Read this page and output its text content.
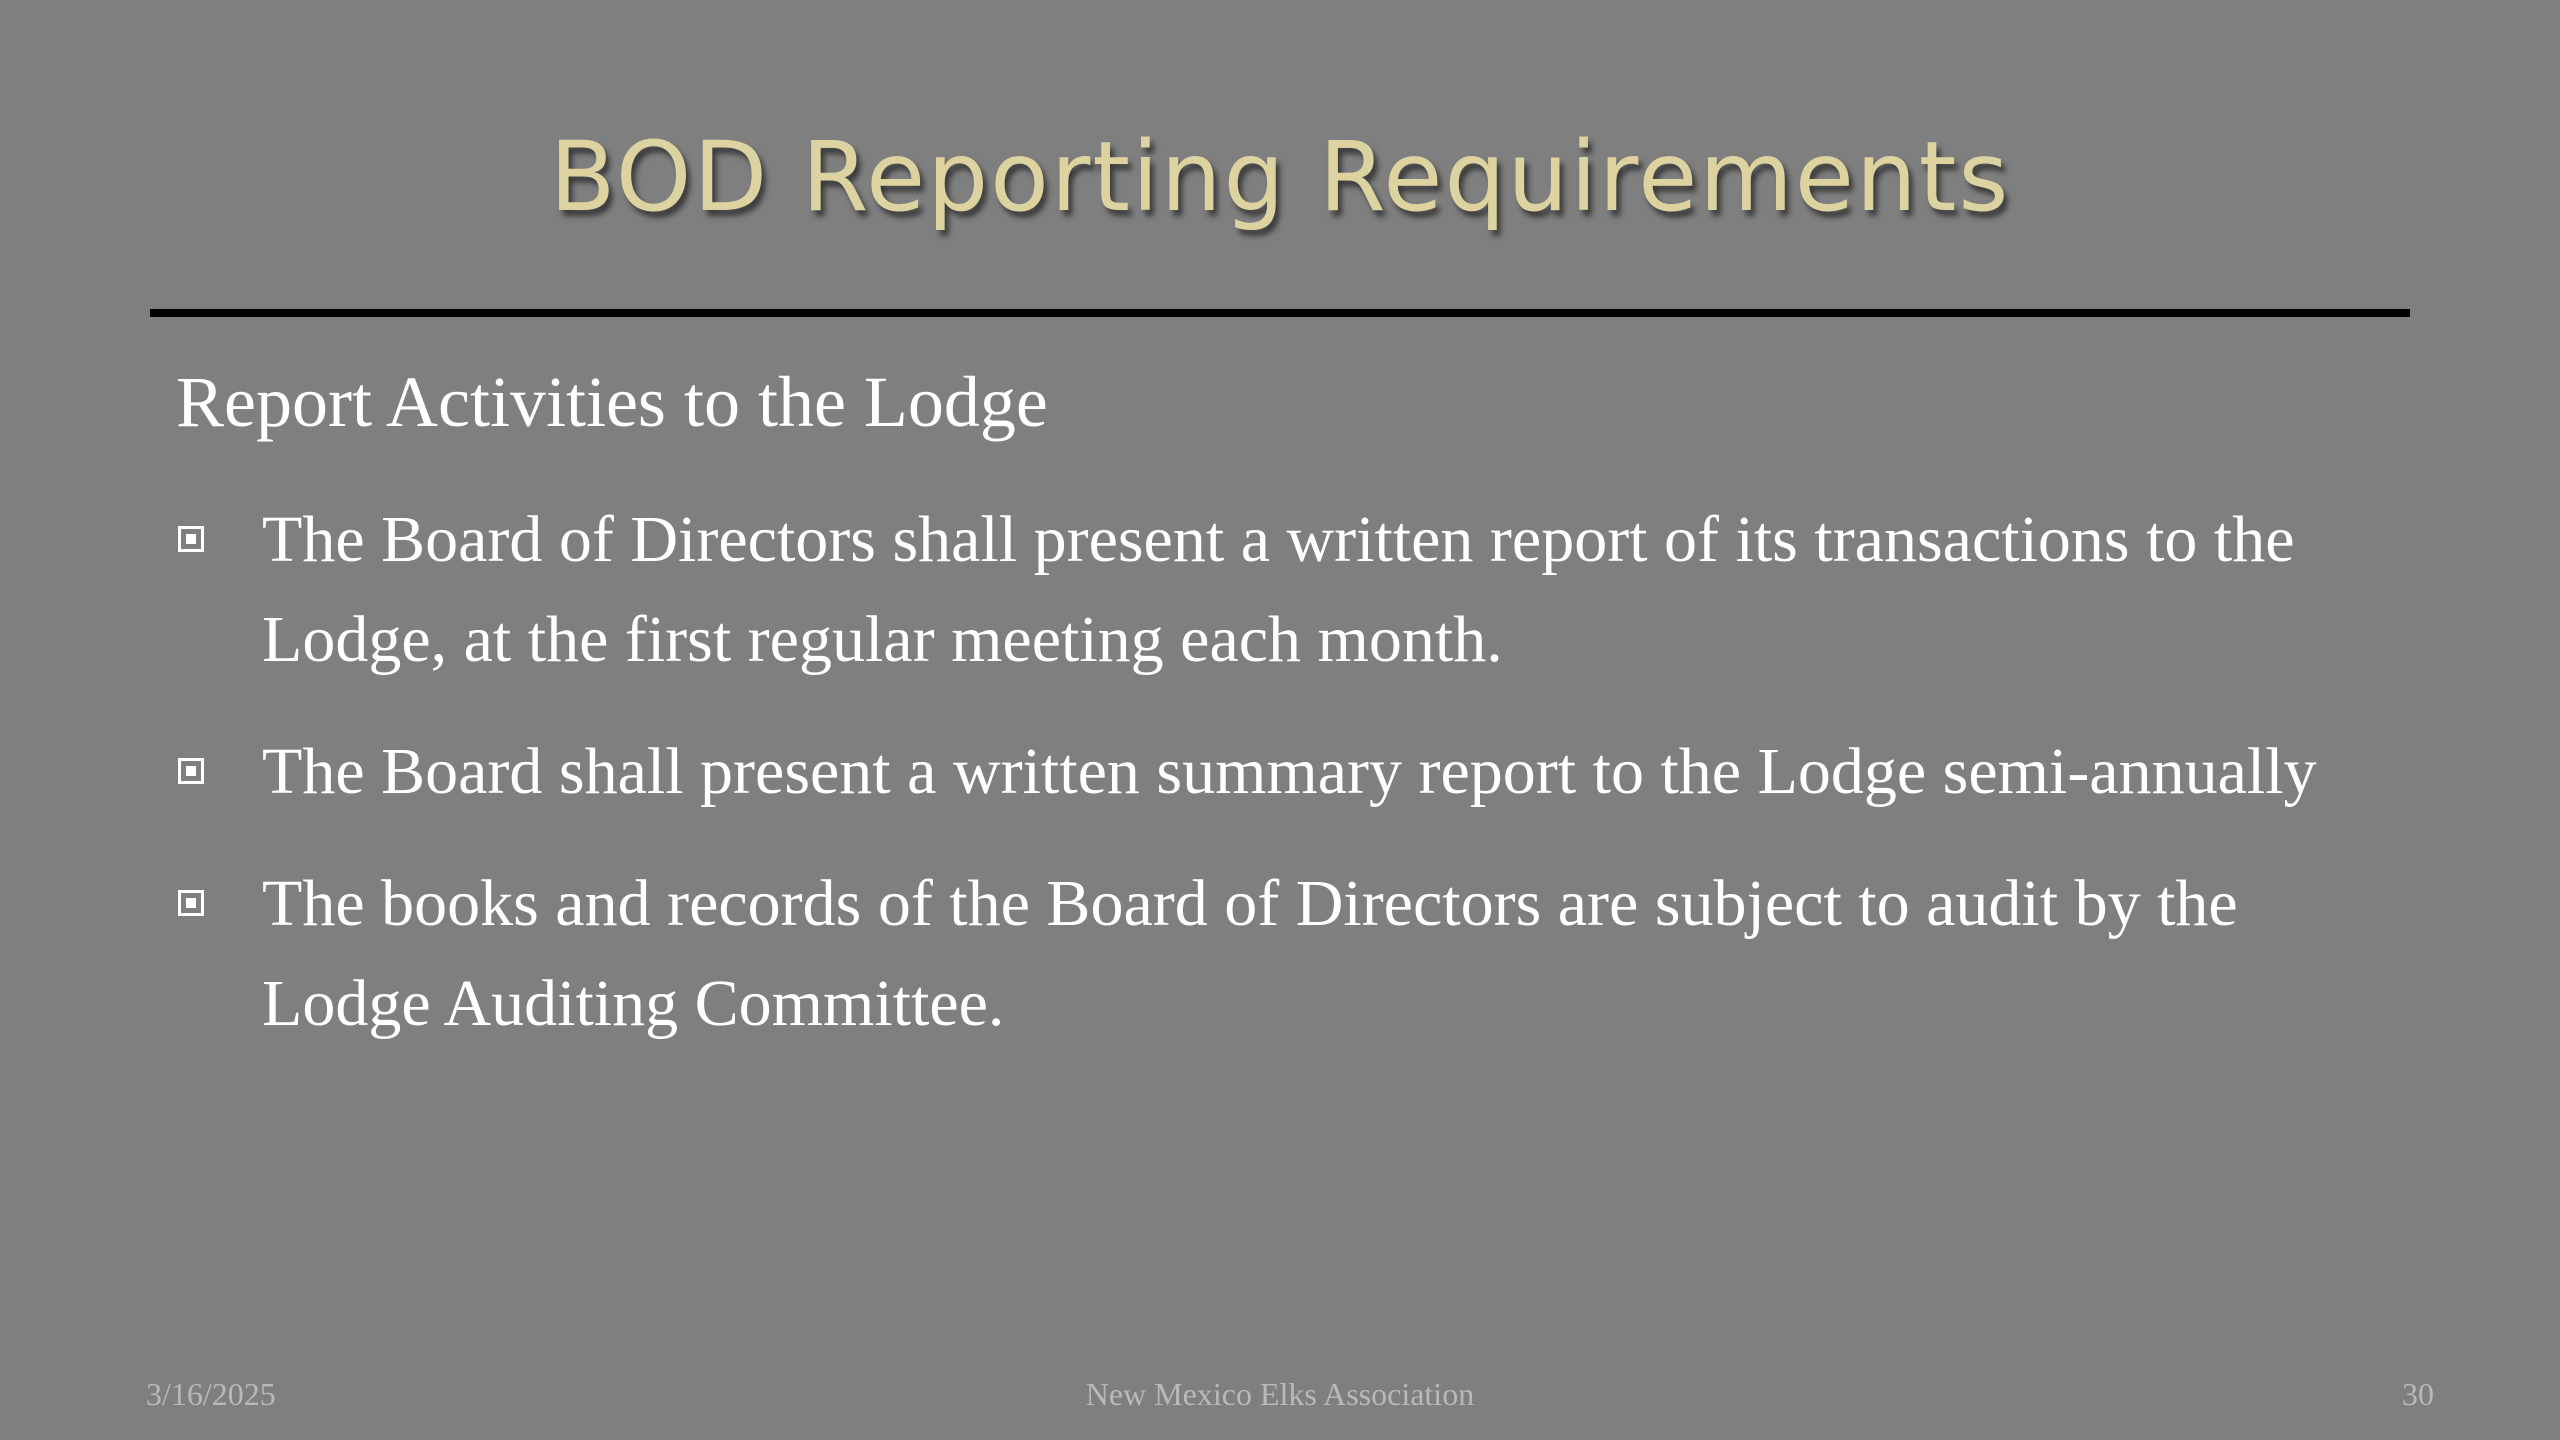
BOD Reporting Requirements
Report Activities to the Lodge
The Board of Directors shall present a written report of its transactions to the Lodge, at the first regular meeting each month.
The Board shall present a written summary report to the Lodge semi-annually
The books and records of the Board of Directors are subject to audit by the Lodge Auditing Committee.
3/16/2025	New Mexico Elks Association	30
